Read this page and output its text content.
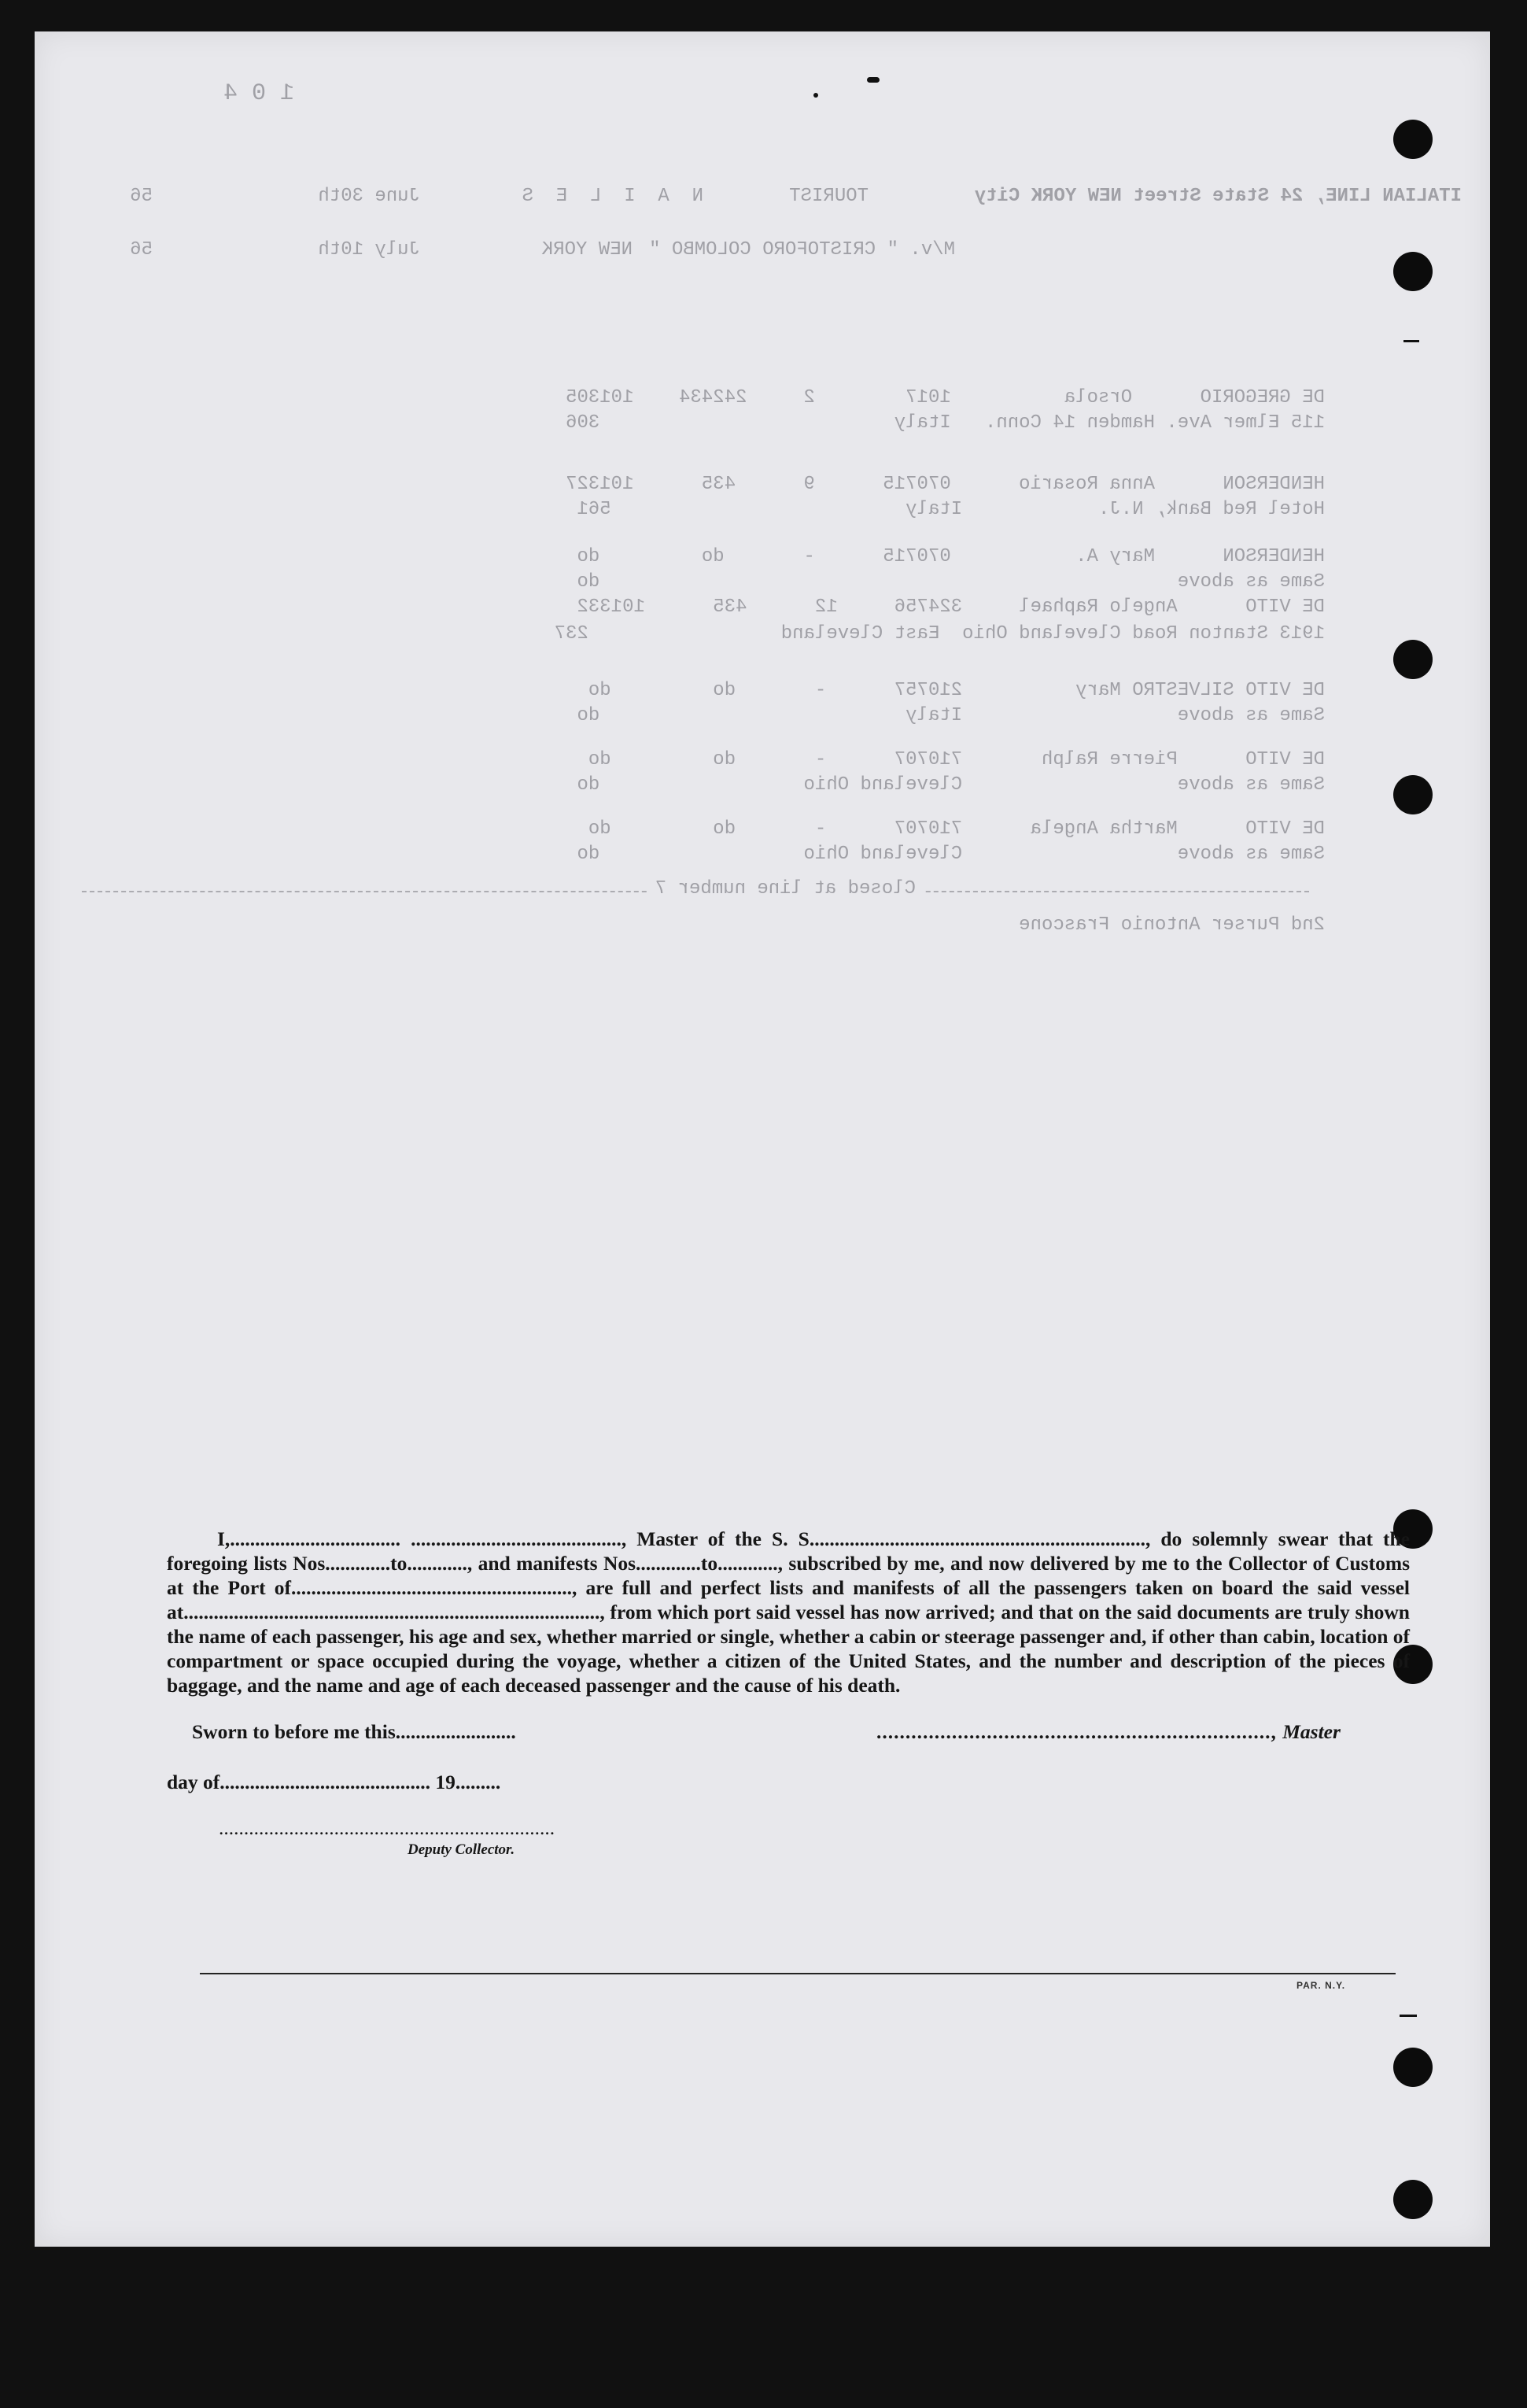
1 0 4

ITALIAN LINE, 24 State Street NEW YORK City

TOURIST

N  A  I  L  E  S

June 30th

56

M/v. " CRISTOFORO COLOMBO "

NEW YORK

July 10th

56

DE GREGORIO      Orsola          1017        2     242434    101305

115 Elmer Ave. Hamden 14 Conn.   Italy                          306

HENDERSON      Anna Rosario      070715      9      435      101327

Hotel Red Bank, N.J.            Italy                          561

HENDERSON      Mary A.           070715      -       do         do

Same as above                                                   do

DE VITO      Angelo Raphael     324756     12      435      101332

1913 Stanton Road Cleveland Ohio  East Cleveland                 237

DE VITO SILVESTRO Mary          210757      -       do         do

Same as above                   Italy                           do

DE VITO      Pierre Ralph       710707      -       do         do

Same as above                   Cleveland Ohio                  do

DE VITO      Martha Angela      710707      -       do         do

Same as above                   Cleveland Ohio                  do

Closed at line number 7

2nd Purser Antonio Frascone

I,.................................. .........................................., Master of the S. S..................................................................., do solemnly swear that the foregoing lists Nos.............to............, and manifests Nos.............to............, subscribed by me, and now delivered by me to the Collector of Customs at the Port of........................................................, are full and perfect lists and manifests of all the passengers taken on board the said vessel at..................................................................................., from which port said vessel has now arrived; and that on the said documents are truly shown the name of each passenger, his age and sex, whether married or single, whether a cabin or steerage passenger and, if other than cabin, location of compartment or space occupied during the voyage, whether a citizen of the United States, and the number and description of the pieces of baggage, and the name and age of each deceased passenger and the cause of his death.

Sworn to before me this........................	...................................................................., Master
day of.......................................... 19.........
...................................................................
Deputy Collector.
PAR. N.Y.
